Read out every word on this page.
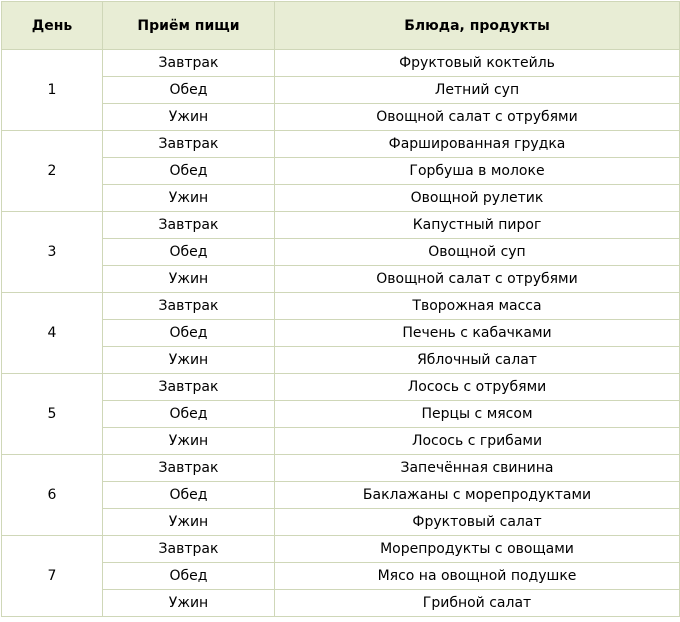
День	Приём пищи	Блюда, продукты
1	Завтрак	Фруктовый коктейль
	Обед	Летний суп
	Ужин	Овощной салат с отрубями
2	Завтрак	Фаршированная грудка
	Обед	Горбуша в молоке
	Ужин	Овощной рулетик
3	Завтрак	Капустный пирог
	Обед	Овощной суп
	Ужин	Овощной салат с отрубями
4	Завтрак	Творожная масса
	Обед	Печень с кабачками
	Ужин	Яблочный салат
5	Завтрак	Лосось с отрубями
	Обед	Перцы с мясом
	Ужин	Лосось с грибами
6	Завтрак	Запечённая свинина
	Обед	Баклажаны с морепродуктами
	Ужин	Фруктовый салат
7	Завтрак	Морепродукты с овощами
	Обед	Мясо на овощной подушке
	Ужин	Грибной салат
